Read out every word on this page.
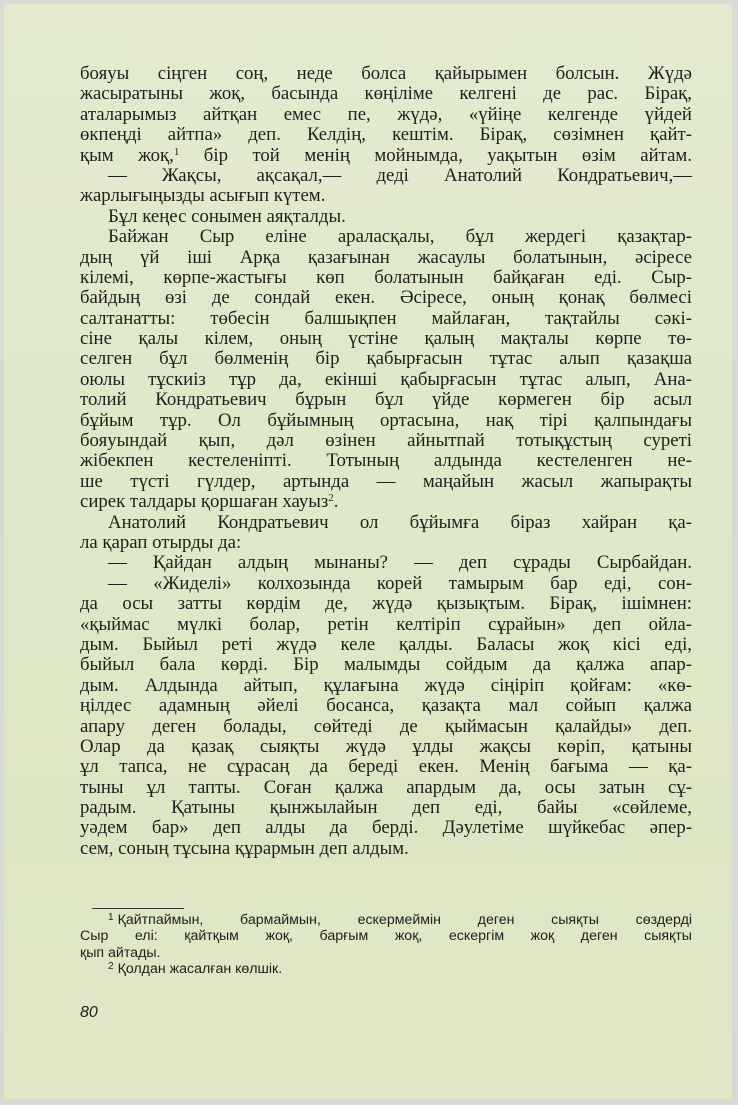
бояуы сіңген соң, неде болса қайырымен болсын. Жүдә
жасыратыны жоқ, басында көңіліме келгені де рас. Бірақ,
аталарымыз айтқан емес пе, жүдә, «үйіңе келгенде үйдей
өкпеңді айтпа» деп. Келдің, кештім. Бірақ, сөзімнен қайт-
қым жоқ,$^1$ бір той менің мойнымда, уақытын өзім айтам.
— Жақсы, ақсақал,— деді Анатолий Кондратьевич,—
жарлығыңызды асығып күтем.
Бұл кеңес сонымен аяқталды.
Байжан Сыр еліне араласқалы, бұл жердегі қазақтар-
дың үй іші Арқа қазағынан жасаулы болатынын, әсіресе
кілемі, көрпе-жастығы көп болатынын байқаған еді. Сыр-
байдың өзі де сондай екен. Әсіресе, оның қонақ бөлмесі
салтанатты: төбесін балшықпен майлаған, тақтайлы сәкі-
сіне қалы кілем, оның үстіне қалың мақталы көрпе тө-
селген бұл бөлменің бір қабырғасын тұтас алып қазақша
оюлы тұскиіз тұр да, екінші қабырғасын тұтас алып, Ана-
толий Кондратьевич бұрын бұл үйде көрмеген бір асыл
бұйым тұр. Ол бұйымның ортасына, нақ тірі қалпындағы
бояуындай қып, дәл өзінен айнытпай тотықұстың суреті
жібекпен кестеленіпті. Тотының алдында кестеленген не-
ше түсті гүлдер, артында — маңайын жасыл жапырақты
сирек талдары қоршаған хауыз$^2$.
Анатолий Кондратьевич ол бұйымға біраз хайран қа-
ла қарап отырды да:
— Қайдан алдың мынаны? — деп сұрады Сырбайдан.
— «Жиделі» колхозында корей тамырым бар еді, сон-
да осы затты көрдім де, жүдә қызықтым. Бірақ, ішімнен:
«қыймас мүлкі болар, ретін келтіріп сұрайын» деп ойла-
дым. Быйыл реті жүдә келе қалды. Баласы жоқ кісі еді,
быйыл бала көрді. Бір малымды сойдым да қалжа апар-
дым. Алдында айтып, құлағына жүдә сіңіріп қойғам: «кө-
ңілдес адамның әйелі босанса, қазақта мал сойып қалжа
апару деген болады, сөйтеді де қыймасын қалайды» деп.
Олар да қазақ сыяқты жүдә ұлды жақсы көріп, қатыны
ұл тапса, не сұрасаң да береді екен. Менің бағыма — қа-
тыны ұл тапты. Соған қалжа апардым да, осы затын сұ-
радым. Қатыны қынжылайын деп еді, байы «сөйлеме,
уәдем бар» деп алды да берді. Дәулетіме шүйкебас әпер-
сем, соның тұсына құрармын деп алдым.
$^1$ Қайтпаймын, бармаймын, ескермеймін деген сыяқты сөздерді
Сыр елі: қайтқым жоқ, барғым жоқ, ескергім жоқ деген сыяқты
қып айтады.
$^2$ Қолдан жасалған көлшік.
80
